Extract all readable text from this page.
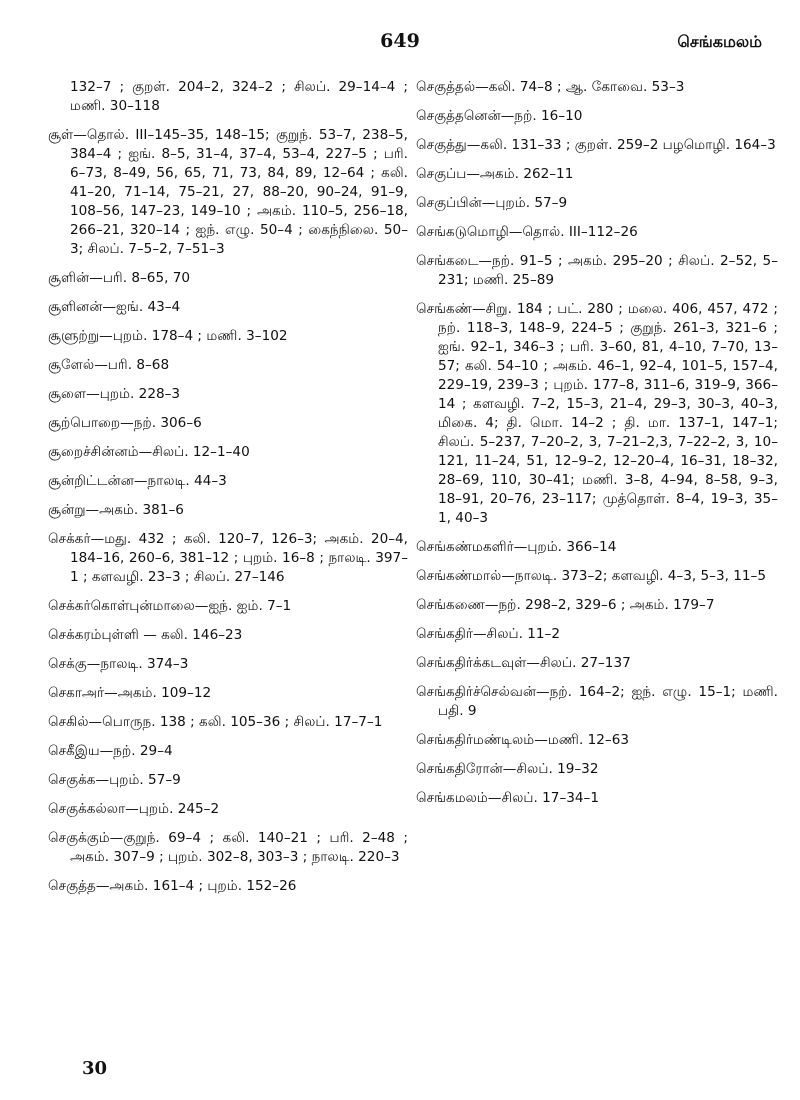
649	செங்கமலம்

132–7 ; குறள். 204–2, 324–2 ; சிலப். 29–14–4 ; மணி. 30–118

சூள்—தொல். III–145–35, 148–15; குறுந். 53–7, 238–5, 384–4 ; ஐங். 8–5, 31–4, 37–4, 53–4, 227–5 ; பரி. 6–73, 8–49, 56, 65, 71, 73, 84, 89, 12–64 ; கலி. 41–20, 71–14, 75–21, 27, 88–20, 90–24, 91–9, 108–56, 147–23, 149–10 ; அகம். 110–5, 256–18, 266–21, 320–14 ; ஐந். எழு. 50–4 ; கைந்நிலை. 50–3; சிலப். 7–5–2, 7–51–3

சூளின்—பரி. 8–65, 70

சூளினன்—ஐங். 43–4

சூளுற்று—புறம். 178–4 ; மணி. 3–102

சூளேல்—பரி. 8–68

சூளை—புறம். 228–3

சூற்பொறை—நற். 306–6

சூறைச்சின்னம்—சிலப். 12–1–40

சூன்றிட்டன்ன—நாலடி. 44–3

சூன்று—அகம். 381–6

செக்கர்—மது. 432 ; கலி. 120–7, 126–3; அகம். 20–4, 184–16, 260–6, 381–12 ; புறம். 16–8 ; நாலடி. 397–1 ; களவழி. 23–3 ; சிலப். 27–146

செக்கர்கொள்புன்மாலை—ஐந். ஐம். 7–1

செக்கரம்புள்ளி — கலி. 146–23

செக்கு—நாலடி. 374–3

செகாஅர்—அகம். 109–12

செகில்—பொருந. 138 ; கலி. 105–36 ; சிலப். 17–7–1

செகீஇய—நற். 29–4

செகுக்க—புறம். 57–9

செகுக்கல்லா—புறம். 245–2

செகுக்கும்—குறுந். 69–4 ; கலி. 140–21 ; பரி. 2–48 ; அகம். 307–9 ; புறம். 302–8, 303–3 ; நாலடி. 220–3

செகுத்த—அகம். 161–4 ; புறம். 152–26

செகுத்தல்—கலி. 74–8 ; ஆ. கோவை. 53–3

செகுத்தனென்—நற். 16–10

செகுத்து—கலி. 131–33 ; குறள். 259–2 பழமொழி. 164–3

செகுப்ப—அகம். 262–11

செகுப்பின்—புறம். 57–9

செங்கடுமொழி—தொல். III–112–26

செங்கடை—நற். 91–5 ; அகம். 295–20 ; சிலப். 2–52, 5–231; மணி. 25–89

செங்கண்—சிறு. 184 ; பட். 280 ; மலை. 406, 457, 472 ; நற். 118–3, 148–9, 224–5 ; குறுந். 261–3, 321–6 ; ஐங். 92–1, 346–3 ; பரி. 3–60, 81, 4–10, 7–70, 13–57; கலி. 54–10 ; அகம். 46–1, 92–4, 101–5, 157–4, 229–19, 239–3 ; புறம். 177–8, 311–6, 319–9, 366–14 ; களவழி. 7–2, 15–3, 21–4, 29–3, 30–3, 40–3, மிகை. 4; தி. மொ. 14–2 ; தி. மா. 137–1, 147–1; சிலப். 5–237, 7–20–2, 3, 7–21–2,3, 7–22–2, 3, 10–121, 11–24, 51, 12–9–2, 12–20–4, 16–31, 18–32, 28–69, 110, 30–41; மணி. 3–8, 4–94, 8–58, 9–3, 18–91, 20–76, 23–117; முத்தொள். 8–4, 19–3, 35–1, 40–3

செங்கண்மகளிர்—புறம். 366–14

செங்கண்மால்—நாலடி. 373–2; களவழி. 4–3, 5–3, 11–5

செங்கணை—நற். 298–2, 329–6 ; அகம். 179–7

செங்கதிர்—சிலப். 11–2

செங்கதிர்க்கடவுள்—சிலப். 27–137

செங்கதிர்ச்செல்வன்—நற். 164–2; ஐந். எழு. 15–1; மணி. பதி. 9

செங்கதிர்மண்டிலம்—மணி. 12–63

செங்கதிரோன்—சிலப். 19–32

செங்கமலம்—சிலப். 17–34–1

30
